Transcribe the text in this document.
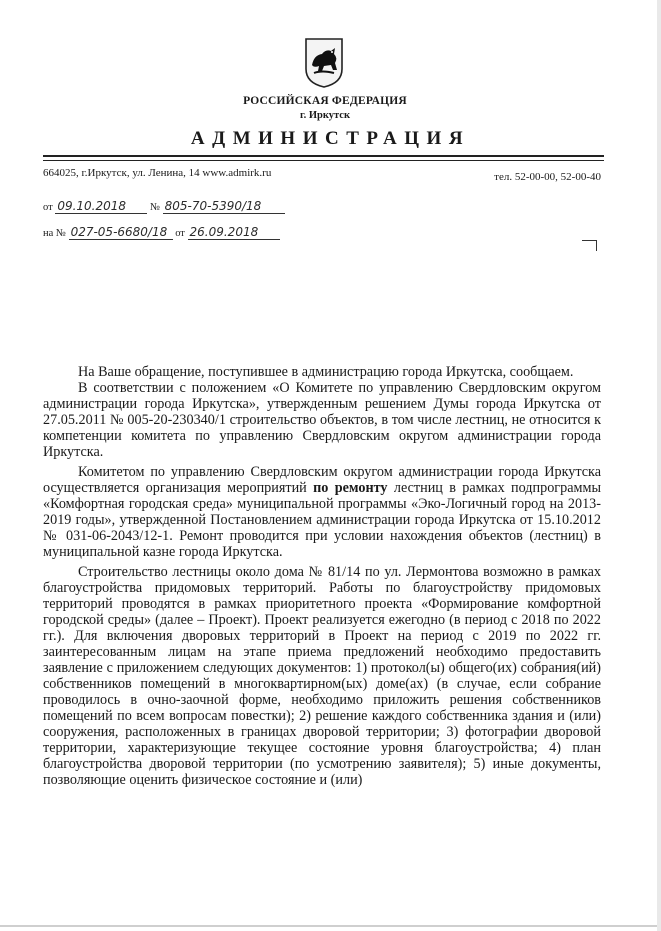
РОССИЙСКАЯ ФЕДЕРАЦИЯ
г. Иркутск
АДМИНИСТРАЦИЯ
664025, г.Иркутск, ул. Ленина, 14 www.admirk.ru	тел. 52-00-00, 52-00-40
от 09.10.2018 № 805-70-5390/18
на № 027-05-6680/18 от 26.09.2018

На Ваше обращение, поступившее в администрацию города Иркутска, сообщаем.

В соответствии с положением «О Комитете по управлению Свердловским округом администрации города Иркутска», утвержденным решением Думы города Иркутска от 27.05.2011 № 005-20-230340/1 строительство объектов, в том числе лестниц, не относится к компетенции комитета по управлению Свердловским округом администрации города Иркутска.

Комитетом по управлению Свердловским округом администрации города Иркутска осуществляется организация мероприятий по ремонту лестниц в рамках подпрограммы «Комфортная городская среда» муниципальной программы «Эко-Логичный город на 2013-2019 годы», утвержденной Постановлением администрации города Иркутска от 15.10.2012 № 031-06-2043/12-1. Ремонт проводится при условии нахождения объектов (лестниц) в муниципальной казне города Иркутска.

Строительство лестницы около дома № 81/14 по ул. Лермонтова возможно в рамках благоустройства придомовых территорий. Работы по благоустройству придомовых территорий проводятся в рамках приоритетного проекта «Формирование комфортной городской среды» (далее – Проект). Проект реализуется ежегодно (в период с 2018 по 2022 гг.). Для включения дворовых территорий в Проект на период с 2019 по 2022 гг. заинтересованным лицам на этапе приема предложений необходимо предоставить заявление с приложением следующих документов: 1) протокол(ы) общего(их) собрания(ий) собственников помещений в многоквартирном(ых) доме(ах) (в случае, если собрание проводилось в очно-заочной форме, необходимо приложить решения собственников помещений по всем вопросам повестки); 2) решение каждого собственника здания и (или) сооружения, расположенных в границах дворовой территории; 3) фотографии дворовой территории, характеризующие текущее состояние уровня благоустройства; 4) план благоустройства дворовой территории (по усмотрению заявителя); 5) иные документы, позволяющие оценить физическое состояние и (или)
